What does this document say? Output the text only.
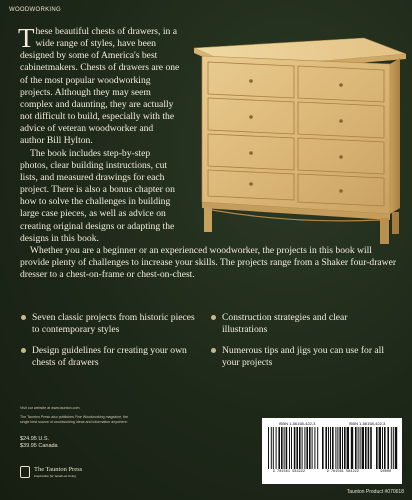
WOODWORKING

These beautiful chests of drawers, in a wide range of styles, have been designed by some of America's best cabinetmakers. Chests of drawers are one of the most popular woodworking projects. Although they may seem complex and daunting, they are actually not difficult to build, especially with the advice of veteran woodworker and author Bill Hylton.

The book includes step-by-step photos, clear building instructions, cut lists, and measured drawings for each project. There is also a bonus chapter on how to solve the challenges in building large case pieces, as well as advice on creating original designs or adapting the designs in this book.

Whether you are a beginner or an experienced woodworker, the projects in this book will provide plenty of challenges to increase your skills. The projects range from a Shaker four-drawer dresser to a chest-on-frame or chest-on-chest.

Seven classic projects from historic pieces to contemporary styles
Design guidelines for creating your own chests of drawers
Construction strategies and clear illustrations
Numerous tips and jigs you can use for all your projects
Visit our website at www.taunton.com
The Taunton Press also publishes Fine Woodworking magazine, the single best source of woodworking ideas and information anywhere.
$24.95 U.S.
$39.95 Canada
The Taunton Press
Inspiration for hands-on living
ISBN 1-56158-422-3	ISBN 1-56158-422-3
9 781561 584222	9 781561 584222	90000
Taunton Product #070618
